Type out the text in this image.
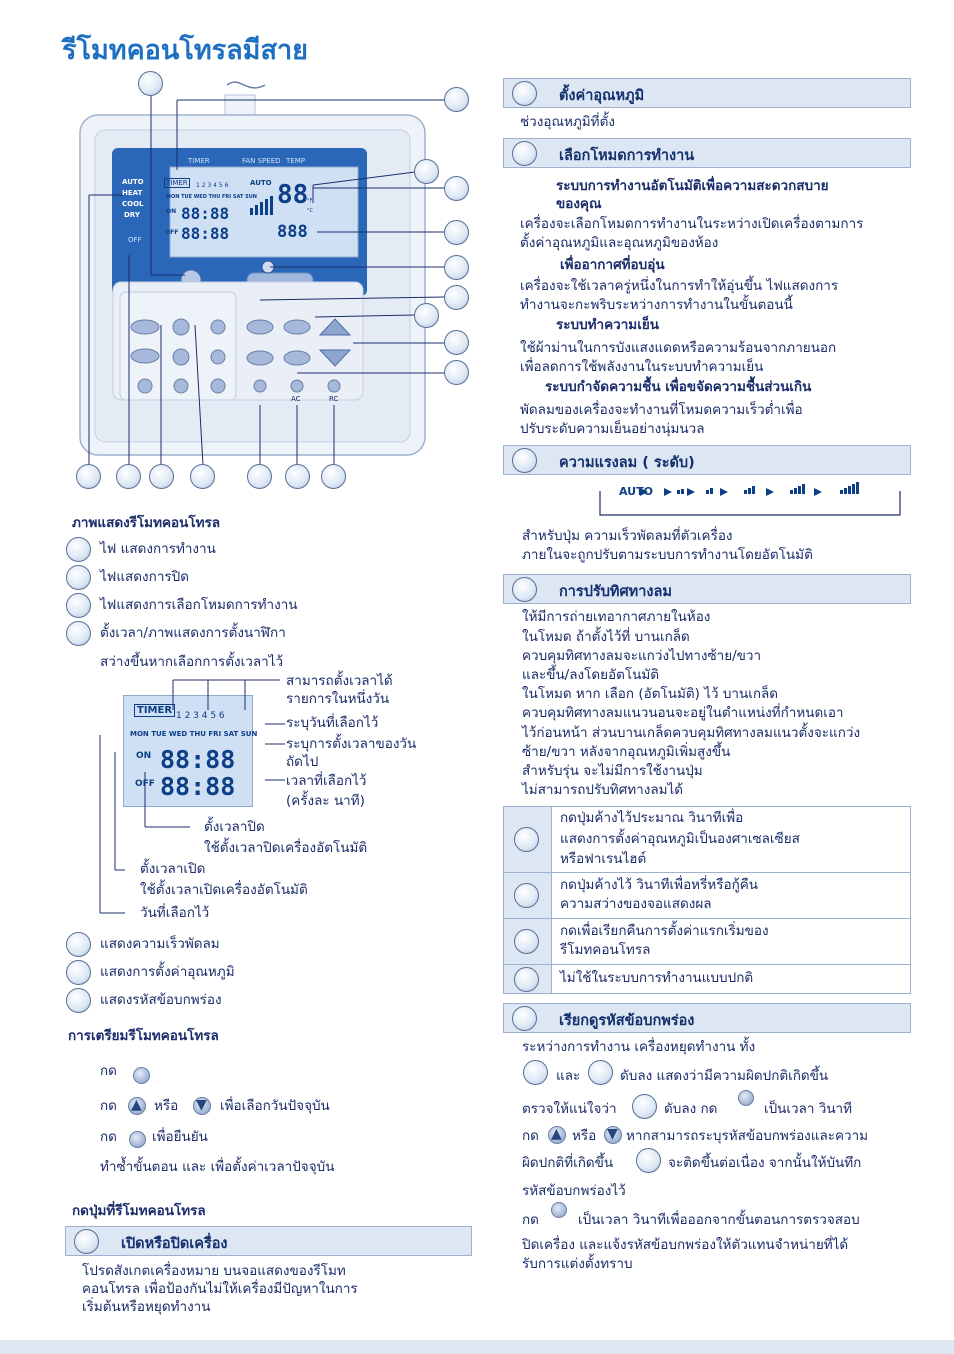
รีโมทคอนโทรลมีสาย
TIMER	FAN SPEED TEMP
ERROR
AUTO
HEAT
COOL
DRY
OFF
TIMER	1 2 3 4 5 6
MON TUE WED THU FRI SAT SUN
ON 88:88
OFF 88:88
AUTO 88
888
°F
°C
AC	RC
ภาพแสดงรีโมทคอนโทรล
ไฟ แสดงการทำงาน
ไฟแสดงการปิด
ไฟแสดงการเลือกโหมดการทำงาน
ตั้งเวลา/ภาพแสดงการตั้งนาฬิกา
สว่างขึ้นหากเลือกการตั้งเวลาไว้
TIMER 1 2 3 4 5 6
MON TUE WED THU FRI SAT SUN
ON 88:88
OFF 88:88
สามารถตั้งเวลาได้
รายการในหนึ่งวัน
ระบุวันที่เลือกไว้
ระบุการตั้งเวลาของวัน
ถัดไป
เวลาที่เลือกไว้
(ครั้งละ นาที)
ตั้งเวลาปิด
ใช้ตั้งเวลาปิดเครื่องอัตโนมัติ
ตั้งเวลาเปิด
ใช้ตั้งเวลาเปิดเครื่องอัตโนมัติ
วันที่เลือกไว้
แสดงความเร็วพัดลม
แสดงการตั้งค่าอุณหภูมิ
แสดงรหัสข้อบกพร่อง
การเตรียมรีโมทคอนโทรล
กด
กด ▲ หรือ ▼ เพื่อเลือกวันปัจจุบัน
กด	เพื่อยืนยัน
ทำซ้ำขั้นตอน และ เพื่อตั้งค่าเวลาปัจจุบัน
กดปุ่มที่รีโมทคอนโทรล
เปิดหรือปิดเครื่อง
โปรดสังเกตเครื่องหมาย บนจอแสดงของรีโมท
คอนโทรล เพื่อป้องกันไม่ให้เครื่องมีปัญหาในการ
เริ่มต้นหรือหยุดทำงาน
ตั้งค่าอุณหภูมิ
ช่วงอุณหภูมิที่ตั้ง
เลือกโหมดการทำงาน
ระบบการทำงานอัตโนมัติเพื่อความสะดวกสบาย
ของคุณ
เครื่องจะเลือกโหมดการทำงานในระหว่างเปิดเครื่องตามการ
ตั้งค่าอุณหภูมิและอุณหภูมิของห้อง
เพื่ออากาศที่อบอุ่น
เครื่องจะใช้เวลาครู่หนึ่งในการทำให้อุ่นขึ้น ไฟแสดงการ
ทำงานจะกะพริบระหว่างการทำงานในขั้นตอนนี้
ระบบทำความเย็น
ใช้ผ้าม่านในการบังแสงแดดหรือความร้อนจากภายนอก
เพื่อลดการใช้พลังงานในระบบทำความเย็น
ระบบกำจัดความชื้น เพื่อขจัดความชื้นส่วนเกิน
พัดลมของเครื่องจะทำงานที่โหมดความเร็วต่ำเพื่อ
ปรับระดับความเย็นอย่างนุ่มนวล
ความแรงลม ( ระดับ)
AUTO
สำหรับปุ่ม ความเร็วพัดลมที่ตัวเครื่อง
ภายในจะถูกปรับตามระบบการทำงานโดยอัตโนมัติ
การปรับทิศทางลม
ให้มีการถ่ายเทอากาศภายในห้อง
ในโหมด ถ้าตั้งไว้ที่ บานเกล็ด
ควบคุมทิศทางลมจะแกว่งไปทางซ้าย/ขวา
และขึ้น/ลงโดยอัตโนมัติ
ในโหมด หาก เลือก (อัตโนมัติ) ไว้ บานเกล็ด
ควบคุมทิศทางลมแนวนอนจะอยู่ในตำแหน่งที่กำหนดเอา
ไว้ก่อนหน้า ส่วนบานเกล็ดควบคุมทิศทางลมแนวตั้งจะแกว่ง
ซ้าย/ขวา หลังจากอุณหภูมิเพิ่มสูงขึ้น
สำหรับรุ่น จะไม่มีการใช้งานปุ่ม
ไม่สามารถปรับทิศทางลมได้
กดปุ่มค้างไว้ประมาณ วินาทีเพื่อ
แสดงการตั้งค่าอุณหภูมิเป็นองศาเซลเซียส
หรือฟาเรนไฮต์
กดปุ่มค้างไว้ วินาทีเพื่อหรี่หรือกู้คืน
ความสว่างของจอแสดงผล
กดเพื่อเรียกคืนการตั้งค่าแรกเริ่มของ
รีโมทคอนโทรล
ไม่ใช้ในระบบการทำงานแบบปกติ
เรียกดูรหัสข้อบกพร่อง
ระหว่างการทำงาน เครื่องหยุดทำงาน ทั้ง
และ	ดับลง แสดงว่ามีความผิดปกติเกิดขึ้น
ตรวจให้แน่ใจว่า	ดับลง กด	เป็นเวลา วินาที
กด ▲ หรือ ▼ หากสามารถระบุรหัสข้อบกพร่องและความ
ผิดปกติที่เกิดขึ้น	จะติดขึ้นต่อเนื่อง จากนั้นให้บันทึก
รหัสข้อบกพร่องไว้
กด	เป็นเวลา วินาทีเพื่อออกจากขั้นตอนการตรวจสอบ
ปิดเครื่อง และแจ้งรหัสข้อบกพร่องให้ตัวแทนจำหน่ายที่ได้
รับการแต่งตั้งทราบ
